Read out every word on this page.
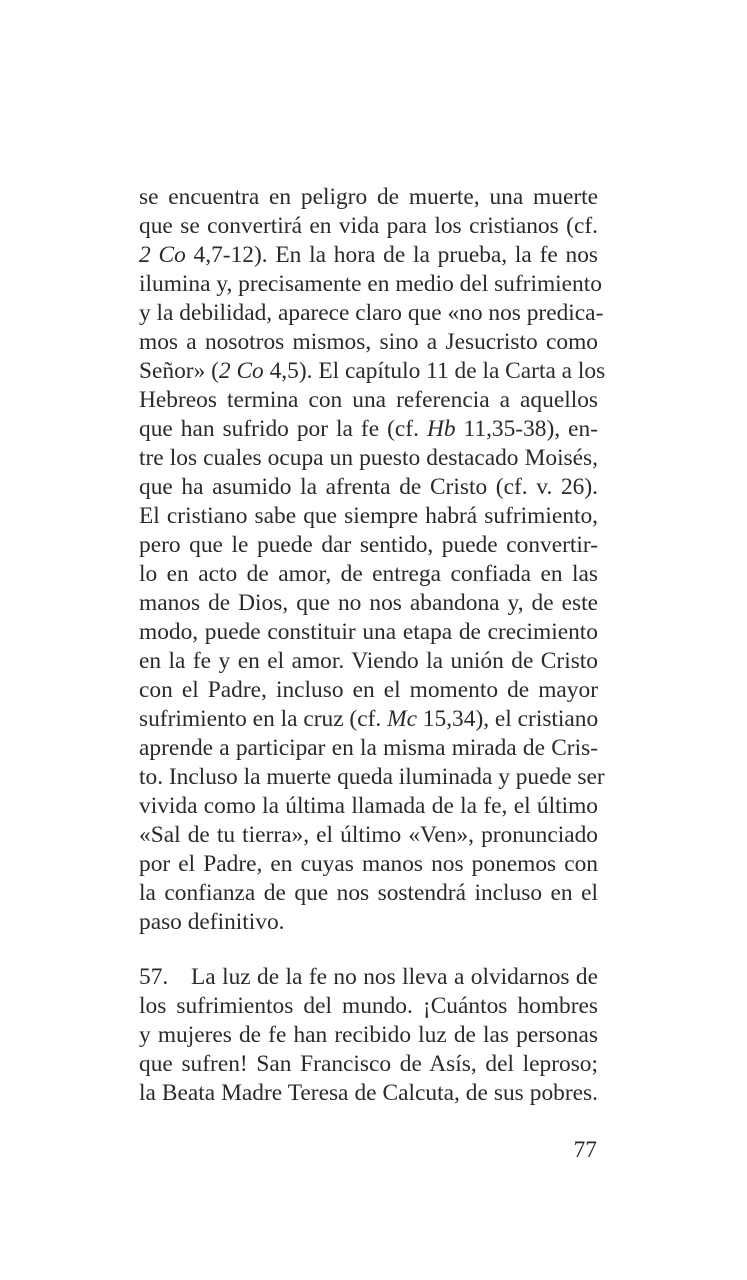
se encuentra en peligro de muerte, una muerte
que se convertirá en vida para los cristianos (cf.
2 Co 4,7-12). En la hora de la prueba, la fe nos
ilumina y, precisamente en medio del sufrimiento
y la debilidad, aparece claro que «no nos predica-
mos a nosotros mismos, sino a Jesucristo como
Señor» (2 Co 4,5). El capítulo 11 de la Carta a los
Hebreos termina con una referencia a aquellos
que han sufrido por la fe (cf. Hb 11,35-38), en-
tre los cuales ocupa un puesto destacado Moisés,
que ha asumido la afrenta de Cristo (cf. v. 26).
El cristiano sabe que siempre habrá sufrimiento,
pero que le puede dar sentido, puede convertir-
lo en acto de amor, de entrega confiada en las
manos de Dios, que no nos abandona y, de este
modo, puede constituir una etapa de crecimiento
en la fe y en el amor. Viendo la unión de Cristo
con el Padre, incluso en el momento de mayor
sufrimiento en la cruz (cf. Mc 15,34), el cristiano
aprende a participar en la misma mirada de Cris-
to. Incluso la muerte queda iluminada y puede ser
vivida como la última llamada de la fe, el último
«Sal de tu tierra», el último «Ven», pronunciado
por el Padre, en cuyas manos nos ponemos con
la confianza de que nos sostendrá incluso en el
paso definitivo.
57. La luz de la fe no nos lleva a olvidarnos de
los sufrimientos del mundo. ¡Cuántos hombres
y mujeres de fe han recibido luz de las personas
que sufren! San Francisco de Asís, del leproso;
la Beata Madre Teresa de Calcuta, de sus pobres.
77
